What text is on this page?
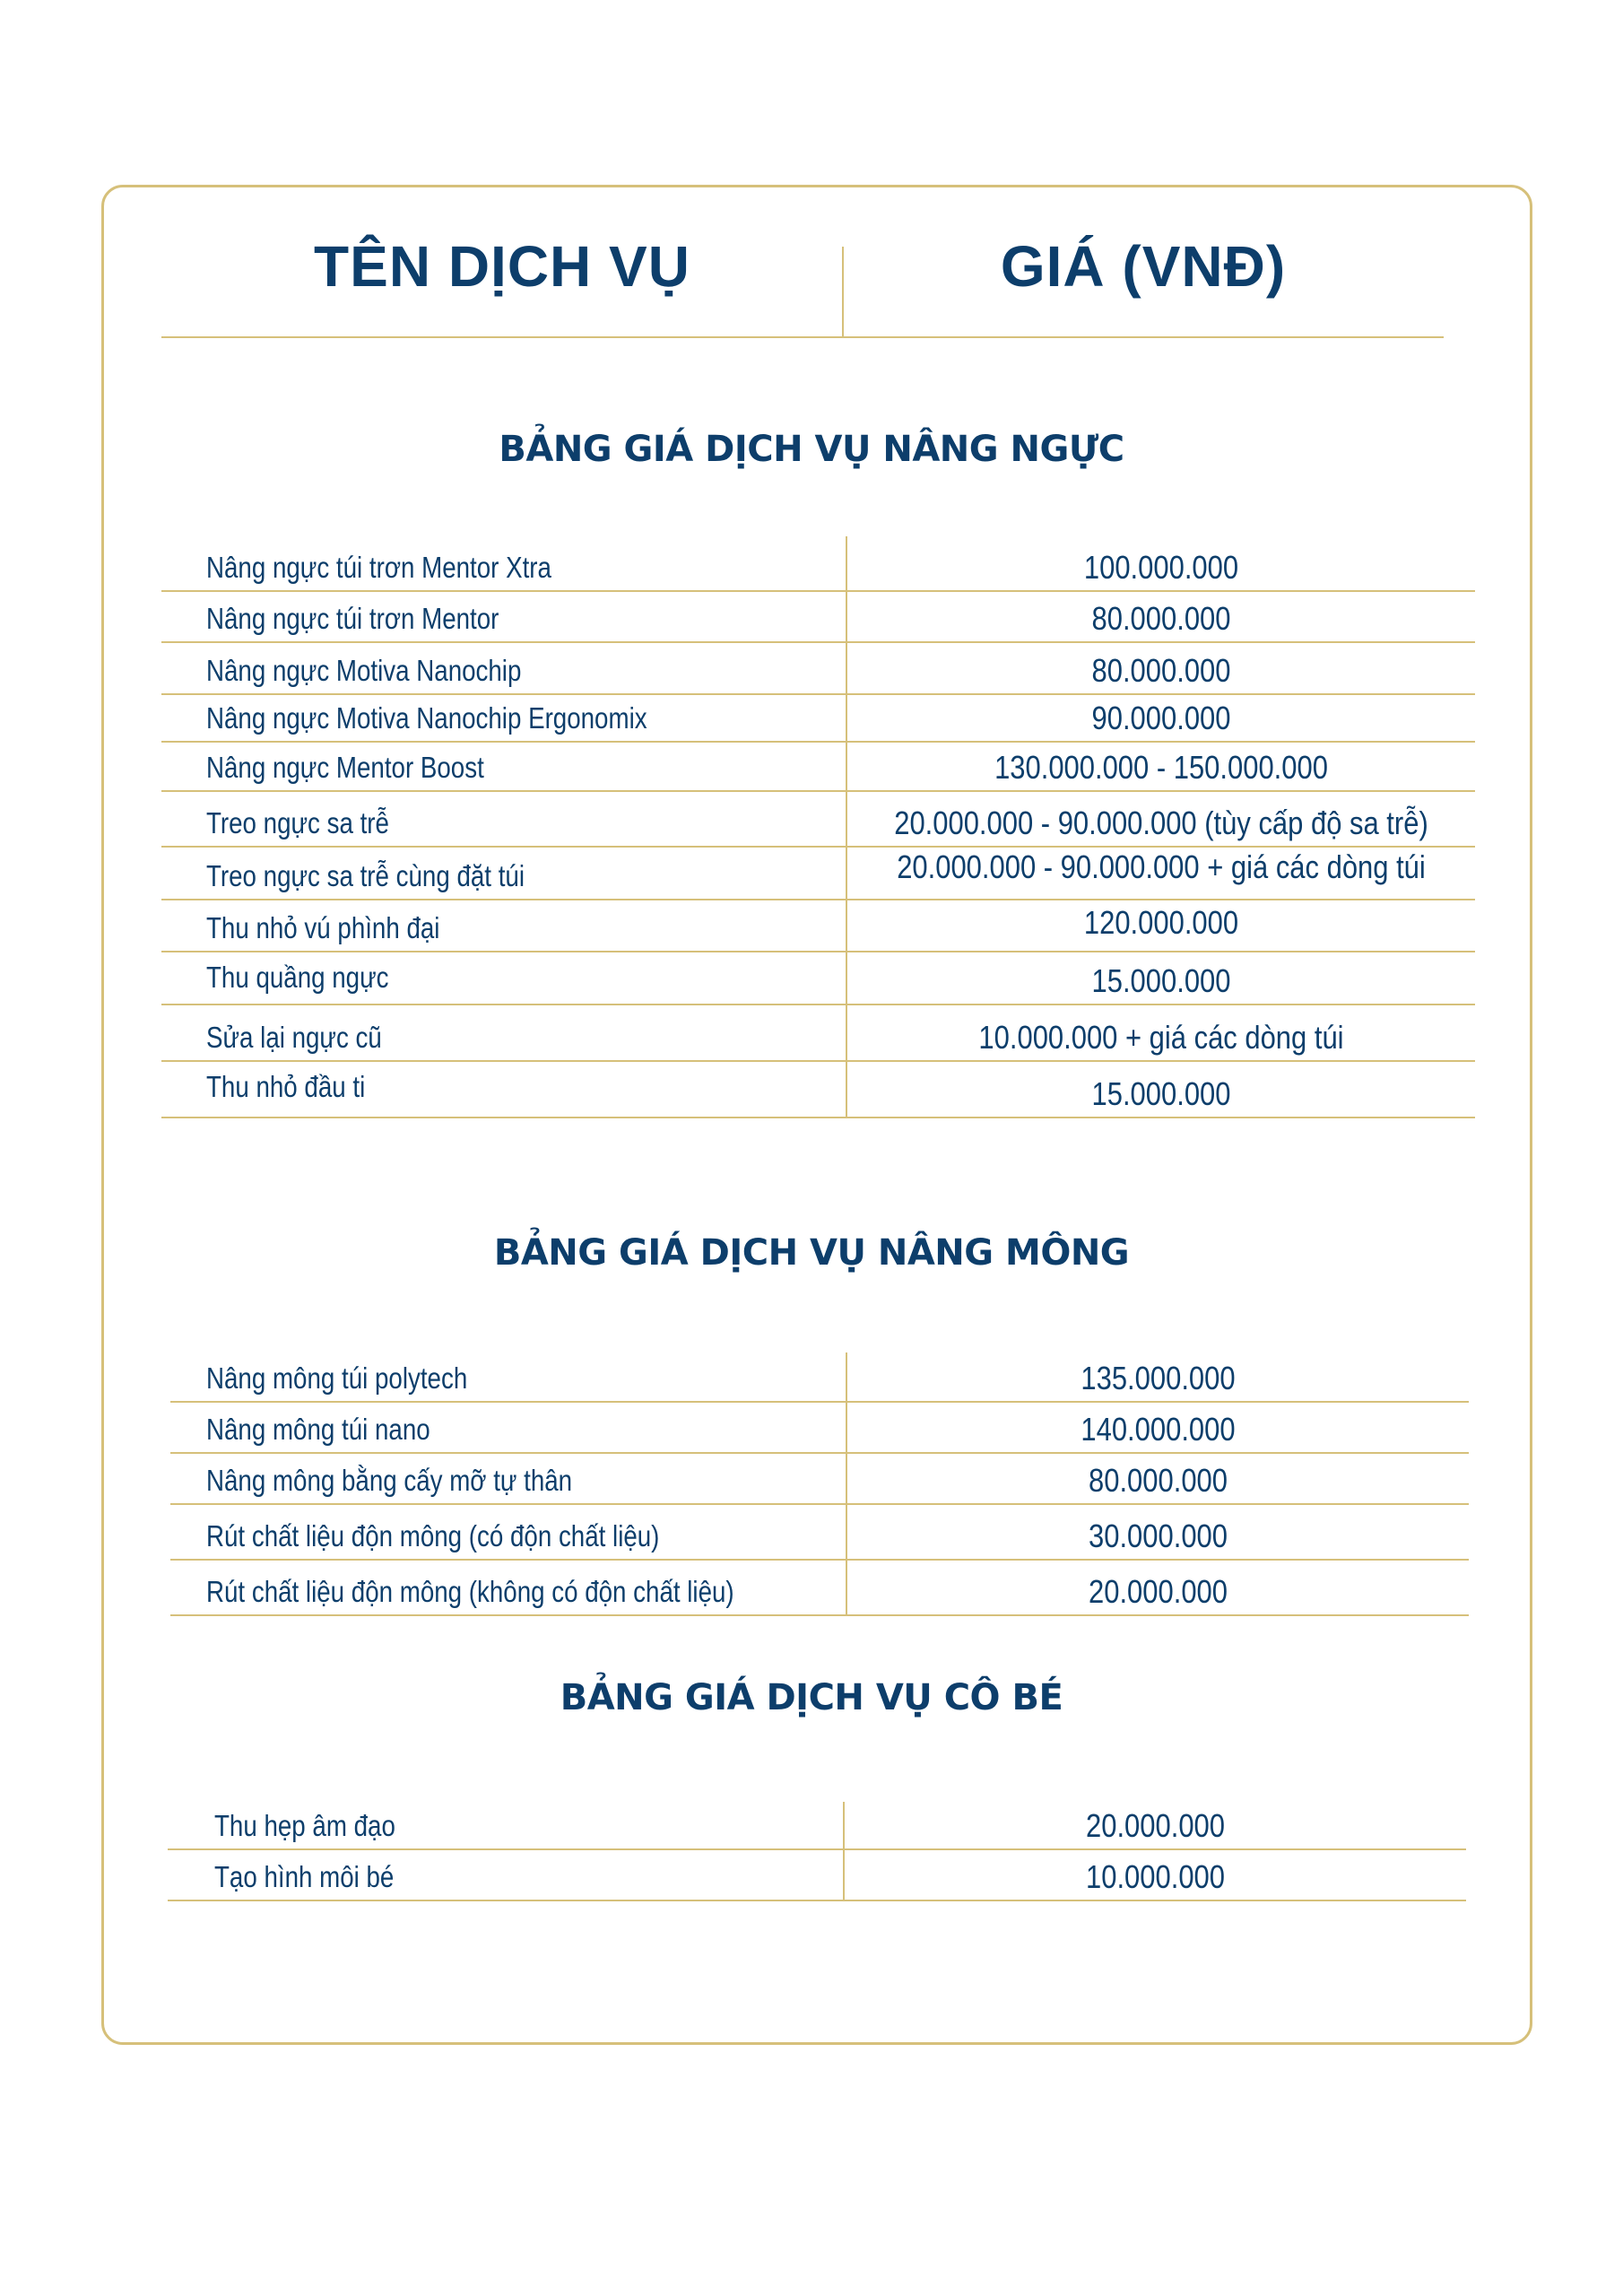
TÊN DỊCH VỤ	GIÁ (VNĐ)
BẢNG GIÁ DỊCH VỤ NÂNG NGỰC
Nâng ngực túi trơn Mentor Xtra	100.000.000
Nâng ngực túi trơn Mentor	80.000.000
Nâng ngực Motiva Nanochip	80.000.000
Nâng ngực Motiva Nanochip Ergonomix	90.000.000
Nâng ngực Mentor Boost	130.000.000 - 150.000.000
Treo ngực sa trễ	20.000.000 - 90.000.000 (tùy cấp độ sa trễ)
Treo ngực sa trễ cùng đặt túi	20.000.000 - 90.000.000 + giá các dòng túi
Thu nhỏ vú phình đại	120.000.000
Thu quầng ngực	15.000.000
Sửa lại ngực cũ	10.000.000 + giá các dòng túi
Thu nhỏ đầu ti	15.000.000
BẢNG GIÁ DỊCH VỤ NÂNG MÔNG
Nâng mông túi polytech	135.000.000
Nâng mông túi nano	140.000.000
Nâng mông bằng cấy mỡ tự thân	80.000.000
Rút chất liệu độn mông (có độn chất liệu)	30.000.000
Rút chất liệu độn mông (không có độn chất liệu)	20.000.000
BẢNG GIÁ DỊCH VỤ CÔ BÉ
Thu hẹp âm đạo	20.000.000
Tạo hình môi bé	10.000.000
